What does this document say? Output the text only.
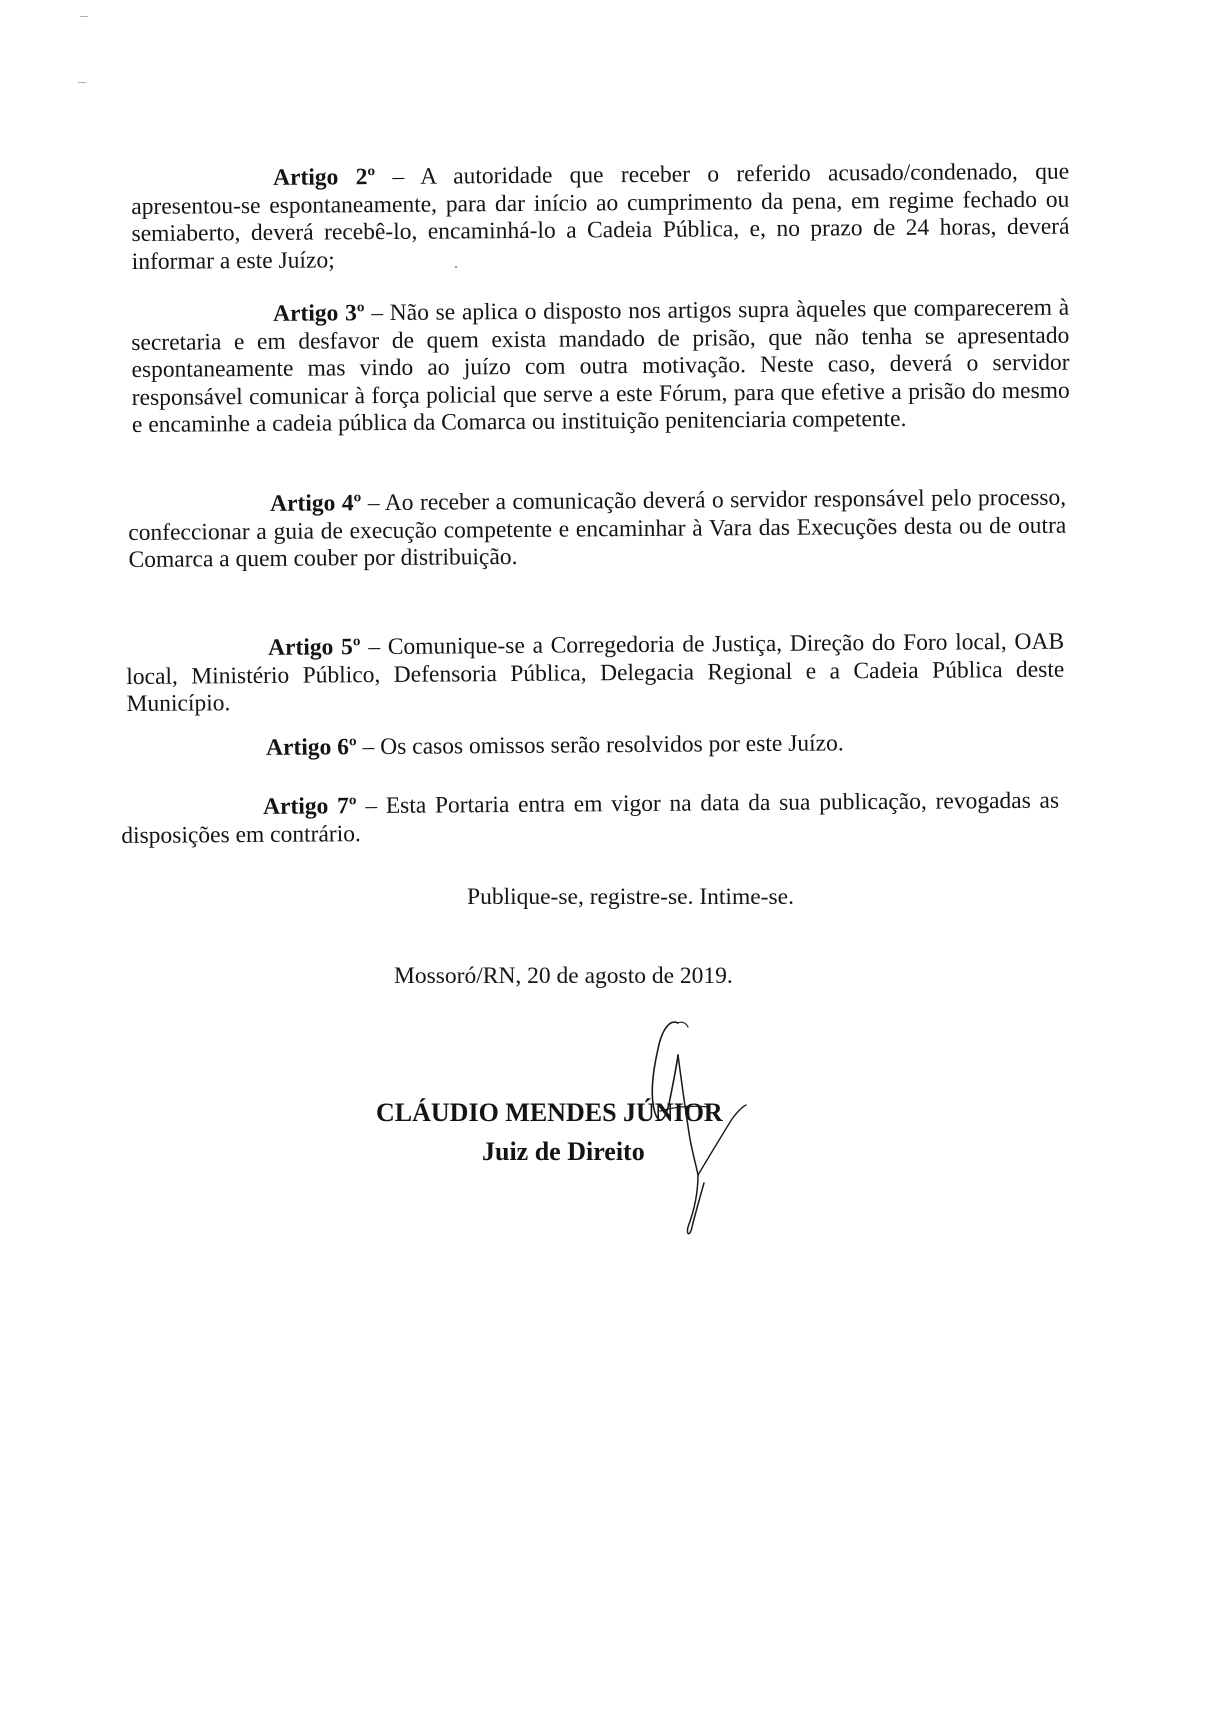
Artigo 2º – A autoridade que receber o referido acusado/condenado, que apresentou-se espontaneamente, para dar início ao cumprimento da pena, em regime fechado ou semiaberto, deverá recebê-lo, encaminhá-lo a Cadeia Pública, e, no prazo de 24 horas, deverá informar a este Juízo;

Artigo 3º – Não se aplica o disposto nos artigos supra àqueles que comparecerem à secretaria e em desfavor de quem exista mandado de prisão, que não tenha se apresentado espontaneamente mas vindo ao juízo com outra motivação. Neste caso, deverá o servidor responsável comunicar à força policial que serve a este Fórum, para que efetive a prisão do mesmo e encaminhe a cadeia pública da Comarca ou instituição penitenciaria competente.

Artigo 4º – Ao receber a comunicação deverá o servidor responsável pelo processo, confeccionar a guia de execução competente e encaminhar à Vara das Execuções desta ou de outra Comarca a quem couber por distribuição.

Artigo 5º – Comunique-se a Corregedoria de Justiça, Direção do Foro local, OAB local, Ministério Público, Defensoria Pública, Delegacia Regional e a Cadeia Pública deste Município.

Artigo 6º – Os casos omissos serão resolvidos por este Juízo.

Artigo 7º – Esta Portaria entra em vigor na data da sua publicação, revogadas as disposições em contrário.

Publique-se, registre-se. Intime-se.
Mossoró/RN, 20 de agosto de 2019.
CLÁUDIO MENDES JÚNIOR
Juiz de Direito
